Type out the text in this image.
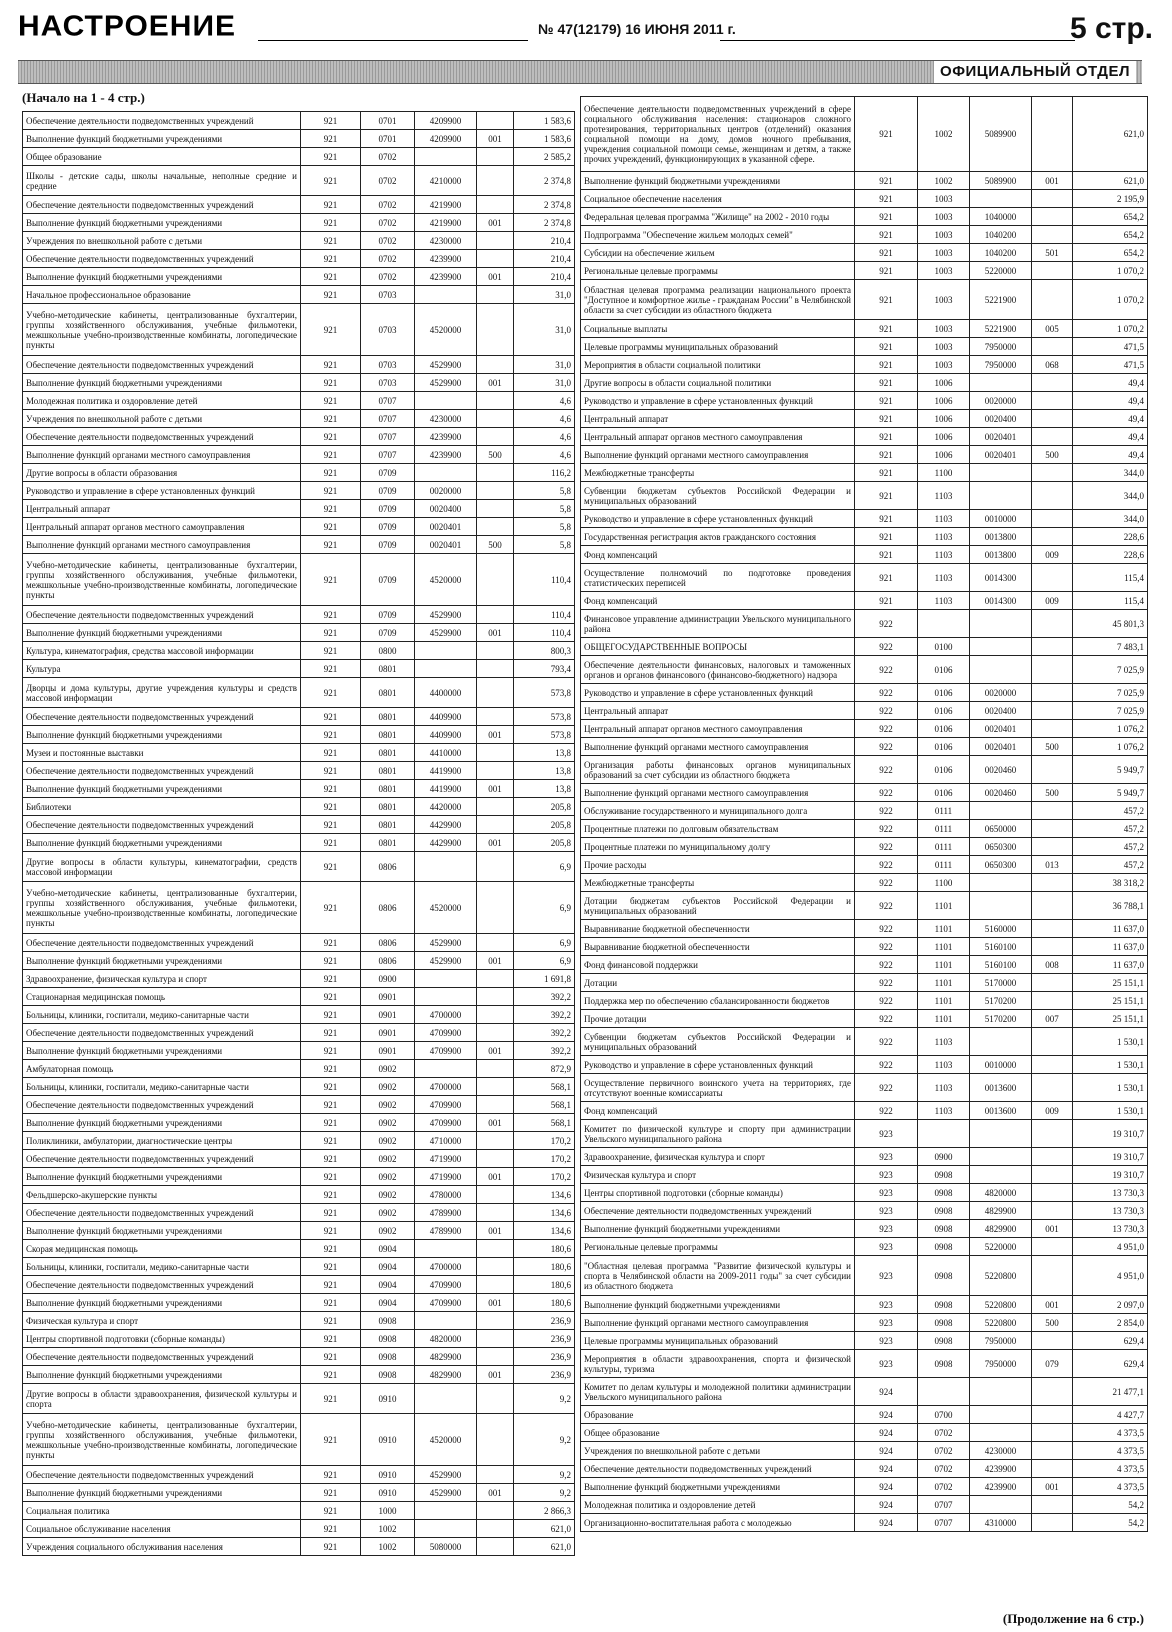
НАСТРОЕНИЕ	№ 47(12179) 16 ИЮНЯ 2011 г.	5 стр.
ОФИЦИАЛЬНЫЙ ОТДЕЛ
(Начало на 1 - 4 стр.)
Обеспечение деятельности подведомственных учреждений	921	0701	4209900		1 583,6
Выполнение функций бюджетными учреждениями	921	0701	4209900	001	1 583,6
Общее образование	921	0702			2 585,2
Школы - детские сады, школы начальные, неполные средние и средние	921	0702	4210000		2 374,8
Обеспечение деятельности подведомственных учреждений	921	0702	4219900		2 374,8
Выполнение функций бюджетными учреждениями	921	0702	4219900	001	2 374,8
Учреждения по внешкольной работе с детьми	921	0702	4230000		210,4
Обеспечение деятельности подведомственных учреждений	921	0702	4239900		210,4
Выполнение функций бюджетными учреждениями	921	0702	4239900	001	210,4
Начальное профессиональное образование	921	0703			31,0
Учебно-методические кабинеты, централизованные бухгалтерии, группы хозяйственного обслуживания, учебные фильмотеки, межшкольные учебно-производственные комбинаты, логопедические пункты	921	0703	4520000		31,0
Обеспечение деятельности подведомственных учреждений	921	0703	4529900		31,0
Выполнение функций бюджетными учреждениями	921	0703	4529900	001	31,0
Молодежная политика и оздоровление детей	921	0707			4,6
Учреждения по внешкольной работе с детьми	921	0707	4230000		4,6
Обеспечение деятельности подведомственных учреждений	921	0707	4239900		4,6
Выполнение функций органами местного самоуправления	921	0707	4239900	500	4,6
Другие вопросы в области образования	921	0709			116,2
Руководство и управление в сфере установленных функций	921	0709	0020000		5,8
Центральный аппарат	921	0709	0020400		5,8
Центральный аппарат органов местного самоуправления	921	0709	0020401		5,8
Выполнение функций органами местного самоуправления	921	0709	0020401	500	5,8
Учебно-методические кабинеты, централизованные бухгалтерии, группы хозяйственного обслуживания, учебные фильмотеки, межшкольные учебно-производственные комбинаты, логопедические пункты	921	0709	4520000		110,4
Обеспечение деятельности подведомственных учреждений	921	0709	4529900		110,4
Выполнение функций бюджетными учреждениями	921	0709	4529900	001	110,4
Культура, кинематография, средства массовой информации	921	0800			800,3
Культура	921	0801			793,4
Дворцы и дома культуры, другие учреждения культуры и средств массовой информации	921	0801	4400000		573,8
Обеспечение деятельности подведомственных учреждений	921	0801	4409900		573,8
Выполнение функций бюджетными учреждениями	921	0801	4409900	001	573,8
Музеи и постоянные выставки	921	0801	4410000		13,8
Обеспечение деятельности подведомственных учреждений	921	0801	4419900		13,8
Выполнение функций бюджетными учреждениями	921	0801	4419900	001	13,8
Библиотеки	921	0801	4420000		205,8
Обеспечение деятельности подведомственных учреждений	921	0801	4429900		205,8
Выполнение функций бюджетными учреждениями	921	0801	4429900	001	205,8
Другие вопросы в области культуры, кинематографии, средств массовой информации	921	0806			6,9
Учебно-методические кабинеты, централизованные бухгалтерии, группы хозяйственного обслуживания, учебные фильмотеки, межшкольные учебно-производственные комбинаты, логопедические пункты	921	0806	4520000		6,9
Обеспечение деятельности подведомственных учреждений	921	0806	4529900		6,9
Выполнение функций бюджетными учреждениями	921	0806	4529900	001	6,9
Здравоохранение, физическая культура и спорт	921	0900			1 691,8
Стационарная медицинская помощь	921	0901			392,2
Больницы, клиники, госпитали, медико-санитарные части	921	0901	4700000		392,2
Обеспечение деятельности подведомственных учреждений	921	0901	4709900		392,2
Выполнение функций бюджетными учреждениями	921	0901	4709900	001	392,2
Амбулаторная помощь	921	0902			872,9
Больницы, клиники, госпитали, медико-санитарные части	921	0902	4700000		568,1
Обеспечение деятельности подведомственных учреждений	921	0902	4709900		568,1
Выполнение функций бюджетными учреждениями	921	0902	4709900	001	568,1
Поликлиники, амбулатории, диагностические центры	921	0902	4710000		170,2
Обеспечение деятельности подведомственных учреждений	921	0902	4719900		170,2
Выполнение функций бюджетными учреждениями	921	0902	4719900	001	170,2
Фельдшерско-акушерские пункты	921	0902	4780000		134,6
Обеспечение деятельности подведомственных учреждений	921	0902	4789900		134,6
Выполнение функций бюджетными учреждениями	921	0902	4789900	001	134,6
Скорая медицинская помощь	921	0904			180,6
Больницы, клиники, госпитали, медико-санитарные части	921	0904	4700000		180,6
Обеспечение деятельности подведомственных учреждений	921	0904	4709900		180,6
Выполнение функций бюджетными учреждениями	921	0904	4709900	001	180,6
Физическая культура и спорт	921	0908			236,9
Центры спортивной подготовки (сборные команды)	921	0908	4820000		236,9
Обеспечение деятельности подведомственных учреждений	921	0908	4829900		236,9
Выполнение функций бюджетными учреждениями	921	0908	4829900	001	236,9
Другие вопросы в области здравоохранения, физической культуры и спорта	921	0910			9,2
Учебно-методические кабинеты, централизованные бухгалтерии, группы хозяйственного обслуживания, учебные фильмотеки, межшкольные учебно-производственные комбинаты, логопедические пункты	921	0910	4520000		9,2
Обеспечение деятельности подведомственных учреждений	921	0910	4529900		9,2
Выполнение функций бюджетными учреждениями	921	0910	4529900	001	9,2
Социальная политика	921	1000			2 866,3
Социальное обслуживание населения	921	1002			621,0
Учреждения социального обслуживания населения	921	1002	5080000		621,0
Обеспечение деятельности подведомственных учреждений в сфере социального обслуживания населения: стационаров сложного протезирования, территориальных центров (отделений) оказания социальной помощи на дому, домов ночного пребывания, учреждения социальной помощи семье, женщинам и детям, а также прочих учреждений, функционирующих в указанной сфере.	921	1002	5089900		621,0
Выполнение функций бюджетными учреждениями	921	1002	5089900	001	621,0
Социальное обеспечение населения	921	1003			2 195,9
Федеральная целевая программа "Жилище" на 2002 - 2010 годы	921	1003	1040000		654,2
Подпрограмма "Обеспечение жильем молодых семей"	921	1003	1040200		654,2
Субсидии на обеспечение жильем	921	1003	1040200	501	654,2
Региональные целевые программы	921	1003	5220000		1 070,2
Областная целевая программа реализации национального проекта "Доступное и комфортное жилье - гражданам России" в Челябинской области за счет субсидии из областного бюджета	921	1003	5221900		1 070,2
Социальные выплаты	921	1003	5221900	005	1 070,2
Целевые программы муниципальных образований	921	1003	7950000		471,5
Мероприятия в области социальной политики	921	1003	7950000	068	471,5
Другие вопросы в области социальной политики	921	1006			49,4
Руководство и управление в сфере установленных функций	921	1006	0020000		49,4
Центральный аппарат	921	1006	0020400		49,4
Центральный аппарат органов местного самоуправления	921	1006	0020401		49,4
Выполнение функций органами местного самоуправления	921	1006	0020401	500	49,4
Межбюджетные трансферты	921	1100			344,0
Субвенции бюджетам субъектов Российской Федерации и муниципальных образований	921	1103			344,0
Руководство и управление в сфере установленных функций	921	1103	0010000		344,0
Государственная регистрация актов гражданского состояния	921	1103	0013800		228,6
Фонд компенсаций	921	1103	0013800	009	228,6
Осуществление полномочий по подготовке проведения статистических переписей	921	1103	0014300		115,4
Фонд компенсаций	921	1103	0014300	009	115,4
Финансовое управление администрации Увельского муниципального района	922				45 801,3
ОБЩЕГОСУДАРСТВЕННЫЕ ВОПРОСЫ	922	0100			7 483,1
Обеспечение деятельности финансовых, налоговых и таможенных органов и органов финансового (финансово-бюджетного) надзора	922	0106			7 025,9
Руководство и управление в сфере установленных функций	922	0106	0020000		7 025,9
Центральный аппарат	922	0106	0020400		7 025,9
Центральный аппарат органов местного самоуправления	922	0106	0020401		1 076,2
Выполнение функций органами местного самоуправления	922	0106	0020401	500	1 076,2
Организация работы финансовых органов муниципальных образований за счет субсидии из областного бюджета	922	0106	0020460		5 949,7
Выполнение функций органами местного самоуправления	922	0106	0020460	500	5 949,7
Обслуживание государственного и муниципального долга	922	0111			457,2
Процентные платежи по долговым обязательствам	922	0111	0650000		457,2
Процентные платежи по муниципальному долгу	922	0111	0650300		457,2
Прочие расходы	922	0111	0650300	013	457,2
Межбюджетные трансферты	922	1100			38 318,2
Дотации бюджетам субъектов Российской Федерации и муниципальных образований	922	1101			36 788,1
Выравнивание бюджетной обеспеченности	922	1101	5160000		11 637,0
Выравнивание бюджетной обеспеченности	922	1101	5160100		11 637,0
Фонд финансовой поддержки	922	1101	5160100	008	11 637,0
Дотации	922	1101	5170000		25 151,1
Поддержка мер по обеспечению сбалансированности бюджетов	922	1101	5170200		25 151,1
Прочие дотации	922	1101	5170200	007	25 151,1
Субвенции бюджетам субъектов Российской Федерации и муниципальных образований	922	1103			1 530,1
Руководство и управление в сфере установленных функций	922	1103	0010000		1 530,1
Осуществление первичного воинского учета на территориях, где отсутствуют военные комиссариаты	922	1103	0013600		1 530,1
Фонд компенсаций	922	1103	0013600	009	1 530,1
Комитет по физической культуре и спорту при администрации Увельского муниципального района	923				19 310,7
Здравоохранение, физическая культура и спорт	923	0900			19 310,7
Физическая культура и спорт	923	0908			19 310,7
Центры спортивной подготовки (сборные команды)	923	0908	4820000		13 730,3
Обеспечение деятельности подведомственных учреждений	923	0908	4829900		13 730,3
Выполнение функций бюджетными учреждениями	923	0908	4829900	001	13 730,3
Региональные целевые программы	923	0908	5220000		4 951,0
"Областная целевая программа "Развитие физической культуры и спорта в Челябинской области на 2009-2011 годы" за счет субсидии из областного бюджета	923	0908	5220800		4 951,0
Выполнение функций бюджетными учреждениями	923	0908	5220800	001	2 097,0
Выполнение функций органами местного самоуправления	923	0908	5220800	500	2 854,0
Целевые программы муниципальных образований	923	0908	7950000		629,4
Мероприятия в области здравоохранения, спорта и физической культуры, туризма	923	0908	7950000	079	629,4
Комитет по делам культуры и молодежной политики администрации Увельского муниципального района	924				21 477,1
Образование	924	0700			4 427,7
Общее образование	924	0702			4 373,5
Учреждения по внешкольной работе с детьми	924	0702	4230000		4 373,5
Обеспечение деятельности подведомственных учреждений	924	0702	4239900		4 373,5
Выполнение функций бюджетными учреждениями	924	0702	4239900	001	4 373,5
Молодежная политика и оздоровление детей	924	0707			54,2
Организационно-воспитательная работа с молодежью	924	0707	4310000		54,2
(Продолжение на 6 стр.)
